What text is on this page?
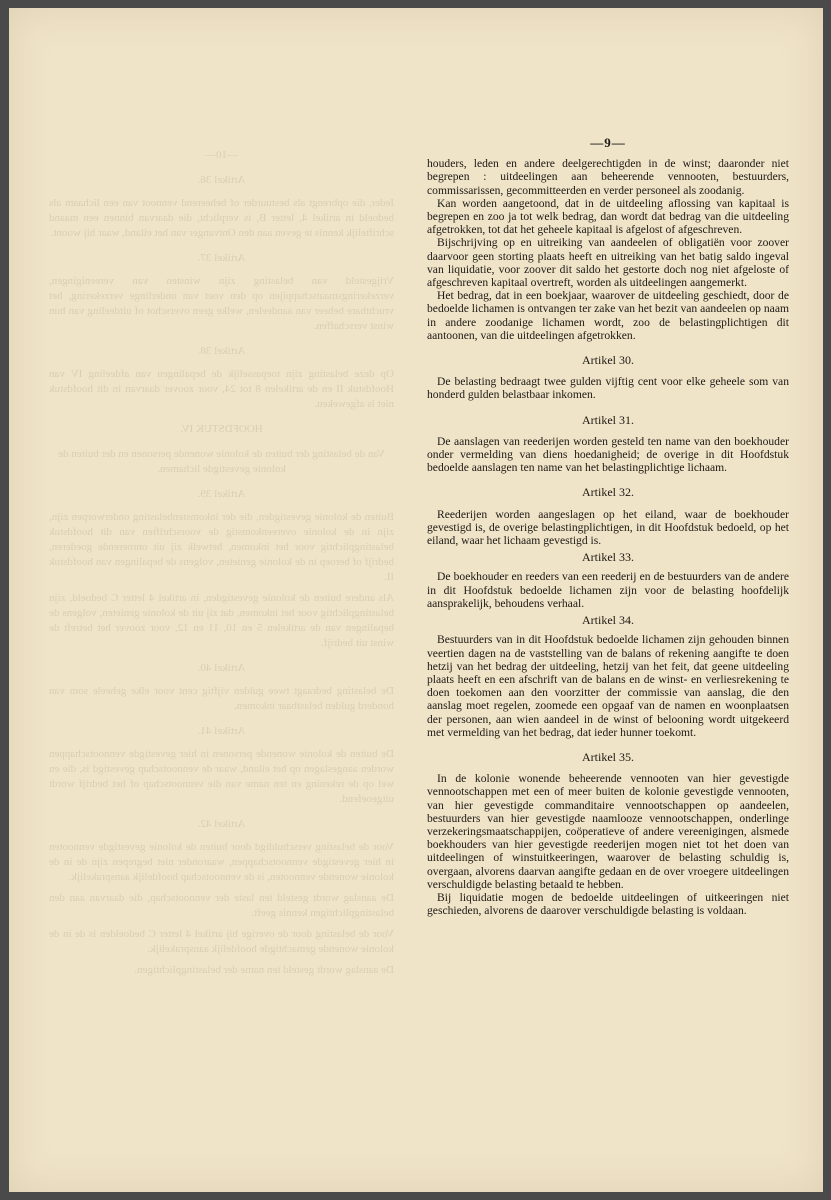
—10—

Artikel 36.

Ieder, die opbrengt als bestuurder of beheerend vennoot van een lichaam als bedoeld in artikel 4, letter B, is verplicht, die daarvan binnen een maand schriftelijk kennis te geven aan den Ontvanger van het eiland, waar hij woont.

Artikel 37.

Vrijgesteld van belasting zijn winsten van vereenigingen, verzekeringsmaatschappijen op den voet van onderlinge verzekering, het vruchtbare beheer van aandeelen, welke geen overschot of uitdeeling van hun winst verschaffen.

Artikel 38.

Op deze belasting zijn toepasselijk de bepalingen van afdeeling IV van Hoofdstuk II en de artikelen 8 tot 24, voor zoover daarvan in dit hoofdstuk niet is afgeweken.

HOOFDSTUK IV.

Van de belasting der buiten de kolonie wonende personen en der buiten de kolonie gevestigde lichamen.

Artikel 39.

Buiten de kolonie gevestigden, die der inkomstenbelasting onderworpen zijn, zijn in de kolonie overeenkomstig de voorschriften van dit hoofdstuk belastingplichtig voor het inkomen, hetwelk zij uit onroerende goederen, bedrijf of beroep in de kolonie genieten, volgens de bepalingen van hoofdstuk II.

Als andere buiten de kolonie gevestigden, in artikel 4 letter C bedoeld, zijn belastingplichtig voor het inkomen, dat zij uit de kolonie genieten, volgens de bepalingen van de artikelen 5 en 10, 11 en 12, voor zoover het betreft de winst uit bedrijf.

Artikel 40.

De belasting bedraagt twee gulden vijftig cent voor elke geheele som van honderd gulden belastbaar inkomen.

Artikel 41.

De buiten de kolonie wonende personen in hier gevestigde vennootschappen worden aangeslagen op het eiland, waar de vennootschap gevestigd is, die en wel op de rekening en ten name van die vennootschap of het bedrijf wordt uitgeoefend.

Artikel 42.

Voor de belasting verschuldigd door buiten de kolonie gevestigde vennooten in hier gevestigde vennootschappen, waaronder niet begrepen zijn de in de kolonie wonende vennooten, is de vennootschap hoofdelijk aansprakelijk.

De aanslag wordt gesteld ten laste der vennootschap, die daarvan aan den belastingplichtigen kennis geeft.

Voor de belasting door de overige bij artikel 4 letter C bedoelden is de in de kolonie wonende gemachtigde hoofdelijk aansprakelijk.

De aanslag wordt gesteld ten name der belastingplichtigen.

—9—

houders, leden en andere deelgerechtigden in de winst; daaronder niet begrepen : uitdeelingen aan beheerende vennooten, bestuurders, commissarissen, gecommitteerden en verder personeel als zoodanig.

Kan worden aangetoond, dat in de uitdeeling aflossing van kapitaal is begrepen en zoo ja tot welk bedrag, dan wordt dat bedrag van die uitdeeling afgetrokken, tot dat het geheele kapitaal is afgelost of afgeschreven.

Bijschrijving op en uitreiking van aandeelen of obligatiën voor zoover daarvoor geen storting plaats heeft en uitreiking van het batig saldo ingeval van liquidatie, voor zoover dit saldo het gestorte doch nog niet afgeloste of afgeschreven kapitaal overtreft, worden als uitdeelingen aangemerkt.

Het bedrag, dat in een boekjaar, waarover de uitdeeling geschiedt, door de bedoelde lichamen is ontvangen ter zake van het bezit van aandeelen op naam in andere zoodanige lichamen wordt, zoo de belastingplichtigen dit aantoonen, van die uitdeelingen afgetrokken.

Artikel 30.

De belasting bedraagt twee gulden vijftig cent voor elke geheele som van honderd gulden belastbaar inkomen.

Artikel 31.

De aanslagen van reederijen worden gesteld ten name van den boekhouder onder vermelding van diens hoedanigheid; de overige in dit Hoofdstuk bedoelde aanslagen ten name van het belastingplichtige lichaam.

Artikel 32.

Reederijen worden aangeslagen op het eiland, waar de boekhouder gevestigd is, de overige belastingplichtigen, in dit Hoofdstuk bedoeld, op het eiland, waar het lichaam gevestigd is.

Artikel 33.

De boekhouder en reeders van een reederij en de bestuurders van de andere in dit Hoofdstuk bedoelde lichamen zijn voor de belasting hoofdelijk aansprakelijk, behoudens verhaal.

Artikel 34.

Bestuurders van in dit Hoofdstuk bedoelde lichamen zijn gehouden binnen veertien dagen na de vaststelling van de balans of rekening aangifte te doen hetzij van het bedrag der uitdeeling, hetzij van het feit, dat geene uitdeeling plaats heeft en een afschrift van de balans en de winst- en verliesrekening te doen toekomen aan den voorzitter der commissie van aanslag, die den aanslag moet regelen, zoomede een opgaaf van de namen en woonplaatsen der personen, aan wien aandeel in de winst of belooning wordt uitgekeerd met vermelding van het bedrag, dat ieder hunner toekomt.

Artikel 35.

In de kolonie wonende beheerende vennooten van hier gevestigde vennootschappen met een of meer buiten de kolonie gevestigde vennooten, van hier gevestigde commanditaire vennootschappen op aandeelen, bestuurders van hier gevestigde naamlooze vennootschappen, onderlinge verzekeringsmaatschappijen, coöperatieve of andere vereenigingen, alsmede boekhouders van hier gevestigde reederijen mogen niet tot het doen van uitdeelingen of winstuitkeeringen, waarover de belasting schuldig is, overgaan, alvorens daarvan aangifte gedaan en de over vroegere uitdeelingen verschuldigde belasting betaald te hebben.

Bij liquidatie mogen de bedoelde uitdeelingen of uitkeeringen niet geschieden, alvorens de daarover verschuldigde belasting is voldaan.
